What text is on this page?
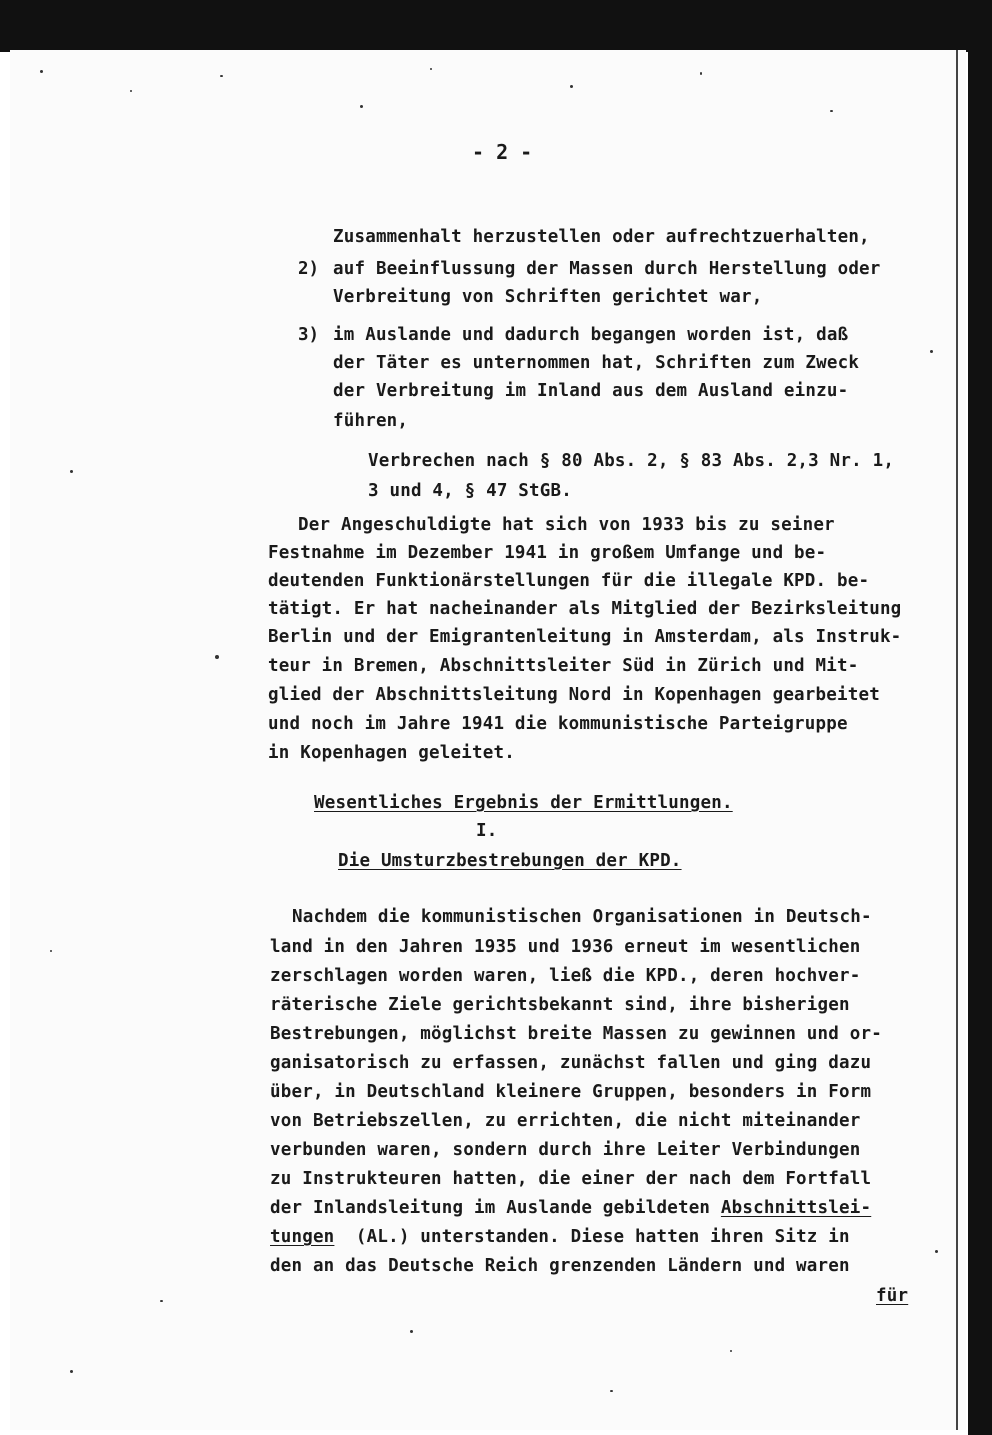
- 2 -
Zusammenhalt herzustellen oder aufrechtzuerhalten,
2) auf Beeinflussung der Massen durch Herstellung oder
Verbreitung von Schriften gerichtet war,
3) im Auslande und dadurch begangen worden ist, daß
der Täter es unternommen hat, Schriften zum Zweck
der Verbreitung im Inland aus dem Ausland einzu-
führen,
Verbrechen nach § 80 Abs. 2, § 83 Abs. 2,3 Nr. 1,
3 und 4, § 47 StGB.
Der Angeschuldigte hat sich von 1933 bis zu seiner
Festnahme im Dezember 1941 in großem Umfange und be-
deutenden Funktionärstellungen für die illegale KPD. be-
tätigt. Er hat nacheinander als Mitglied der Bezirksleitung
Berlin und der Emigrantenleitung in Amsterdam, als Instruk-
teur in Bremen, Abschnittsleiter Süd in Zürich und Mit-
glied der Abschnittsleitung Nord in Kopenhagen gearbeitet
und noch im Jahre 1941 die kommunistische Parteigruppe
in Kopenhagen geleitet.
Wesentliches Ergebnis der Ermittlungen.
I.
Die Umsturzbestrebungen der KPD.
Nachdem die kommunistischen Organisationen in Deutsch-
land in den Jahren 1935 und 1936 erneut im wesentlichen
zerschlagen worden waren, ließ die KPD., deren hochver-
räterische Ziele gerichtsbekannt sind, ihre bisherigen
Bestrebungen, möglichst breite Massen zu gewinnen und or-
ganisatorisch zu erfassen, zunächst fallen und ging dazu
über, in Deutschland kleinere Gruppen, besonders in Form
von Betriebszellen, zu errichten, die nicht miteinander
verbunden waren, sondern durch ihre Leiter Verbindungen
zu Instrukteuren hatten, die einer der nach dem Fortfall
der Inlandsleitung im Auslande gebildeten Abschnittslei-
tungen  (AL.) unterstanden. Diese hatten ihren Sitz in
den an das Deutsche Reich grenzenden Ländern und waren
für
